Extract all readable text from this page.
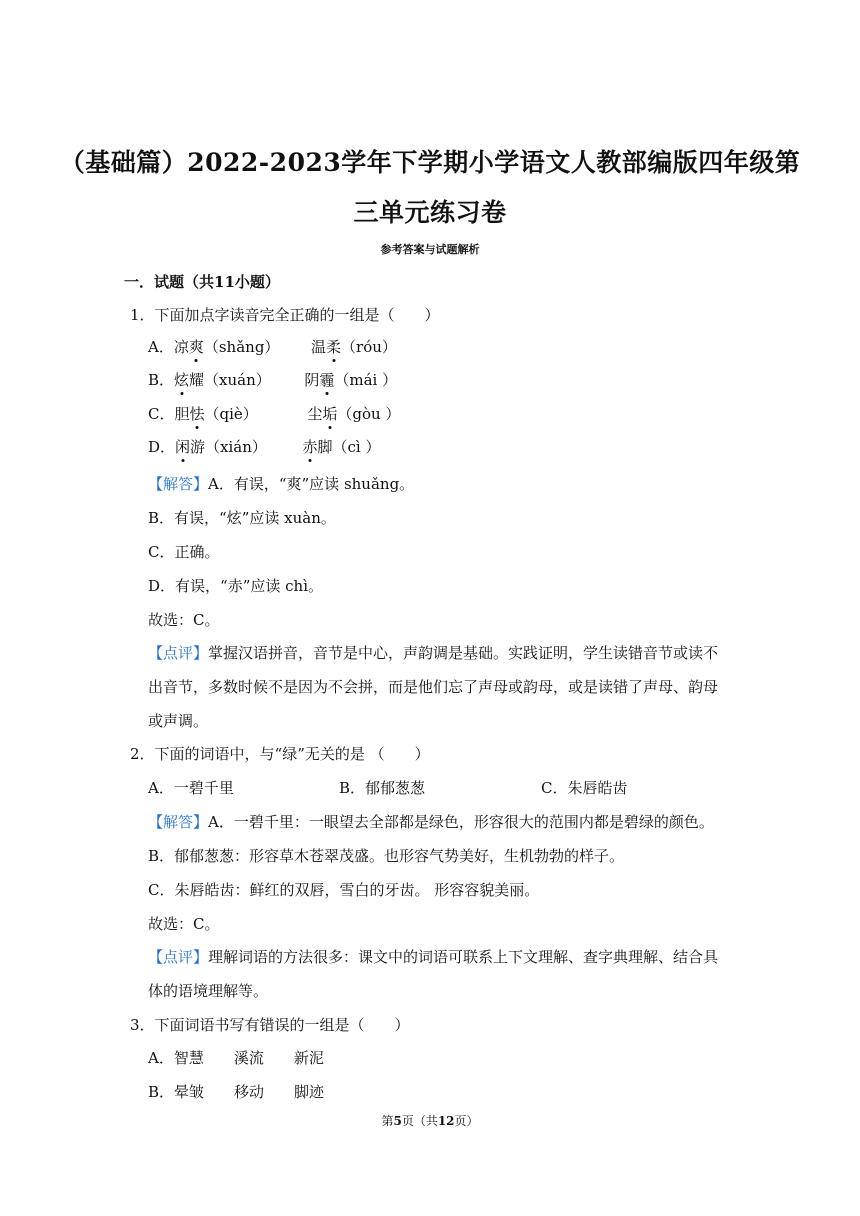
（基础篇）2022-2023学年下学期小学语文人教部编版四年级第
三单元练习卷
参考答案与试题解析
一．试题（共11小题）
1．下面加点字读音完全正确的一组是（　　）
A．凉爽（shǎng） 温柔（róu）
B．炫耀（xuán） 阴霾（mái ）
C．胆怯（qiè）	尘垢（gòu ）
D．闲游（xián） 赤脚（cì ）
【解答】A．有误，“爽”应读 shuǎng。
B．有误，“炫”应读 xuàn。
C．正确。
D．有误，“赤”应读 chì。
故选：C。
【点评】掌握汉语拼音，音节是中心，声韵调是基础。实践证明，学生读错音节或读不
出音节，多数时候不是因为不会拼，而是他们忘了声母或韵母，或是读错了声母、韵母
或声调。
2．下面的词语中，与“绿”无关的是 （　　）
A．一碧千里	B．郁郁葱葱	C．朱唇皓齿
【解答】A．一碧千里：一眼望去全部都是绿色，形容很大的范围内都是碧绿的颜色。
B．郁郁葱葱：形容草木苍翠茂盛。也形容气势美好，生机勃勃的样子。
C．朱唇皓齿：鲜红的双唇，雪白的牙齿。 形容容貌美丽。
故选：C。
【点评】理解词语的方法很多：课文中的词语可联系上下文理解、查字典理解、结合具
体的语境理解等。
3．下面词语书写有错误的一组是（　　）
A．智慧　　溪流　　新泥
B．晕皱　　移动　　脚迹
第5页（共12页）
